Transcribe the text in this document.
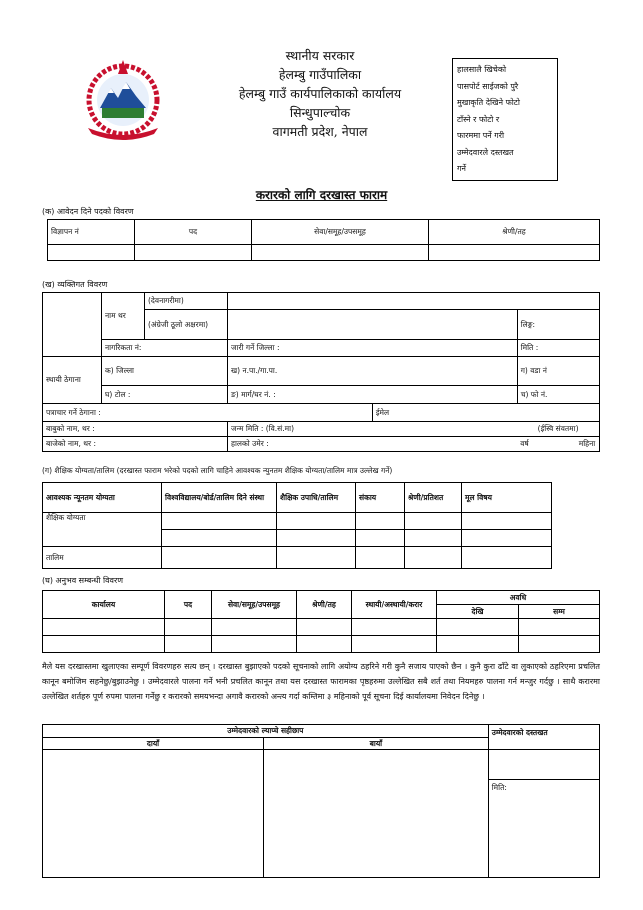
स्थानीय सरकार
हेलम्बु गाउँपालिका
हेलम्बु गाउँ कार्यपालिकाको कार्यालय
सिन्धुपाल्चोक
वागमती प्रदेश, नेपाल
हालसालै खिचेको
पासपोर्ट साईजको पुरै
मुखाकृति देखिने फोटो
टाँस्ने र फोटो र
फारममा पर्ने गरी
उम्मेदवारले दस्तखत
गर्ने
करारको लागि दरखास्त फाराम
(क) आवेदन दिने पदको विवरण
विज्ञापन नं	पद	सेवा/समूह/उपसमूह	श्रेणी/तह

(ख) व्यक्तिगत विवरण
	नाम थर	(देवनागरीमा)			
		(अंग्रेजी ठूलो अक्षरमा)			लिङ्ग:
	नागरिकता नं:		जारी गर्ने जिल्ला :		मिति :
स्थायी ठेगाना	क) जिल्ला		ख) न.पा./गा.पा.		ग) वडा नं
	घ) टोल :		ङ) मार्ग/घर नं. :		च) फो नं.
पत्राचार गर्ने ठेगाना :				ईमेल	
बाबुको नाम, थर :			जन्म मिति : (वि.सं.मा)		(ईस्वि संवतमा)
बाजेको नाम, थर :			हालको उमेर :		वर्ष महिना
(ग) शैक्षिक योग्यता/तालिम (दरखास्त फाराम भरेको पदको लागि चाहिने आवश्यक न्युनतम शैक्षिक योग्यता/तालिम मात्र उल्लेख गर्ने)
आवश्यक न्यूनतम योग्यता	विश्वविद्यालय/बोर्ड/तालिम दिने संस्था	शैक्षिक उपाधि/तालिम	संकाय	श्रेणी/प्रतिशत	मूल विषय
शैक्षिक योग्यता					

तालिम					
(घ) अनुभव सम्बन्धी विवरण
कार्यालय	पद	सेवा/समूह/उपसमूह	श्रेणी/तह	स्थायी/अस्थायी/करार	अवधि	
					देखि	सम्म

मैले यस दरखास्तमा खुलाएका सम्पूर्ण विवरणहरु सत्य छन् । दरखास्त बुझाएको पदको सूचनाको लागि अयोग्य ठहरिने गरी कुनै सजाय पाएको छैन । कुनै कुरा ढाँटे वा लुकाएको ठहरिएमा प्रचलित कानून बमोजिम सहनेछु/बुझाउनेछु । उम्मेदवारले पालना गर्ने भनी प्रचलित कानून तथा यस दरखास्त फारामका पृष्ठहरुमा उल्लेखित सबै शर्त तथा नियमहरु पालना गर्न मन्जुर गर्दछु । साथै करारमा उल्लेखित शर्तहरु पूर्ण रुपमा पालना गर्नेछु र करारको समयभन्दा अगावै करारको अन्त्य गर्दा कम्तिमा ३ महिनाको पूर्व सूचना दिई कार्यालयमा निवेदन दिनेछु ।
उम्मेदवारको ल्याप्चे सहीछाप		उम्मेदवारको दस्तखत
दायाँ	बायाँ	

		मिति:
